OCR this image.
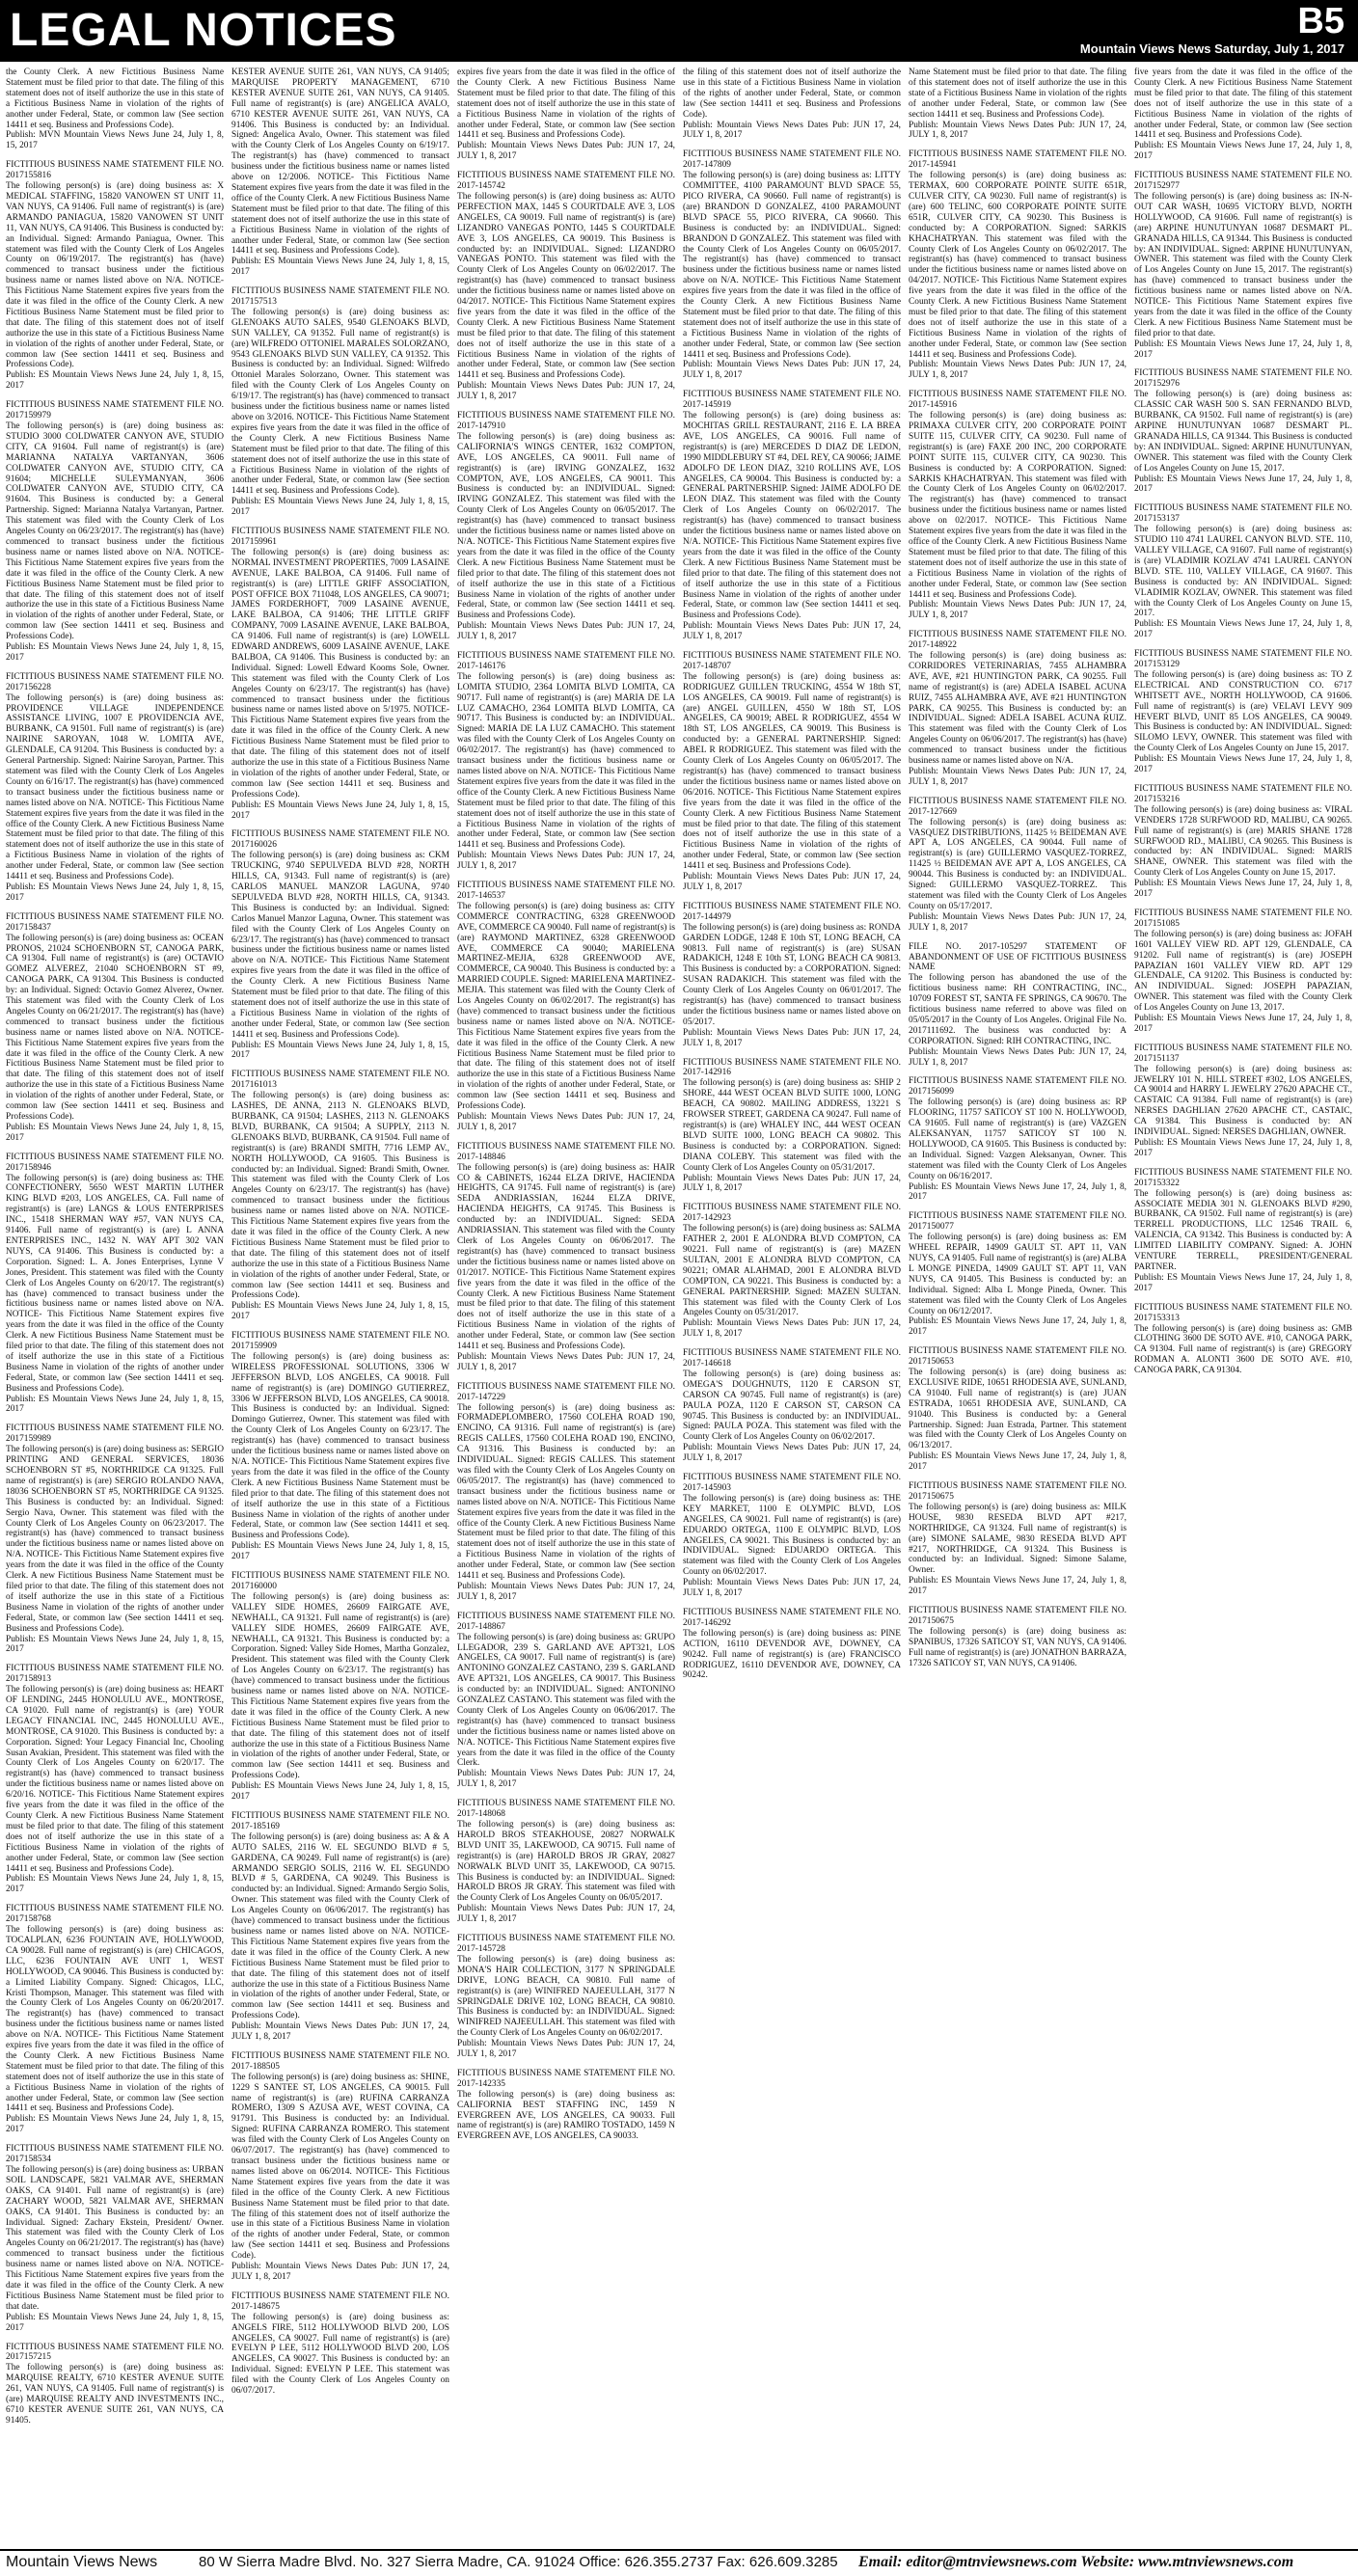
LEGAL NOTICES	B5
Mountain Views News Saturday, July 1, 2017

the County Clerk. A new Fictitious Business Name Statement must be filed prior to that date. The filing of this statement does not of itself authorize the use in this state of a Fictitious Business Name in violation of the rights of another under Federal, State, or common law (See section 14411 et seq. Business and Professions Code).

Publish: MVN Mountain Views News June 24, July 1, 8, 15, 2017

FICTITIOUS BUSINESS NAME STATEMENT FILE NO. 2017155816

The following person(s) is (are) doing business as: X MEDICAL STAFFING, 15820 VANOWEN ST UNIT 11, VAN NUYS, CA 91406. Full name of registrant(s) is (are) ARMANDO PANIAGUA, 15820 VANOWEN ST UNIT 11, VAN NUYS, CA 91406. This Business is conducted by: an Individual. Signed: Armando Paniagua, Owner. This statement was filed with the County Clerk of Los Angeles County on 06/19/2017. The registrant(s) has (have) commenced to transact business under the fictitious business name or names listed above on N/A. NOTICE- This Fictitious Name Statement expires five years from the date it was filed in the office of the County Clerk. A new Fictitious Business Name Statement must be filed prior to that date. The filing of this statement does not of itself authorize the use in this state of a Fictitious Business Name in violation of the rights of another under Federal, State, or common law (See section 14411 et seq. Business and Professions Code).

Publish: ES Mountain Views News June 24, July 1, 8, 15, 2017

FICTITIOUS BUSINESS NAME STATEMENT FILE NO. 2017159979

The following person(s) is (are) doing business as: STUDIO 3000 COLDWATER CANYON AVE, STUDIO CITY, CA 91604. Full name of registrant(s) is (are) MARIANNA NATALYA VARTANYAN, 3606 COLDWATER CANYON AVE, STUDIO CITY, CA 91604; MICHELLE SULEYMANYAN, 3606 COLDWATER CANYON AVE, STUDIO CITY, CA 91604. This Business is conducted by: a General Partnership. Signed: Marianna Natalya Vartanyan, Partner. This statement was filed with the County Clerk of Los Angeles County on 06/23/2017. The registrant(s) has (have) commenced to transact business under the fictitious business name or names listed above on N/A. NOTICE- This Fictitious Name Statement expires five years from the date it was filed in the office of the County Clerk. A new Fictitious Business Name Statement must be filed prior to that date. The filing of this statement does not of itself authorize the use in this state of a Fictitious Business Name in violation of the rights of another under Federal, State, or common law (See section 14411 et seq. Business and Professions Code).

Publish: ES Mountain Views News June 24, July 1, 8, 15, 2017

FICTITIOUS BUSINESS NAME STATEMENT FILE NO. 2017156228

The following person(s) is (are) doing business as: PROVIDENCE VILLAGE INDEPENDENCE ASSISTANCE LIVING, 1007 E PROVIDENCIA AVE, BURBANK, CA 91501. Full name of registrant(s) is (are) NAIRINE SAROYAN, 1048 W. LOMITA AVE, GLENDALE, CA 91204. This Business is conducted by: a General Partnership. Signed: Nairine Saroyan, Partner. This statement was filed with the County Clerk of Los Angeles County on 6/16/17. The registrant(s) has (have) commenced to transact business under the fictitious business name or names listed above on N/A. NOTICE- This Fictitious Name Statement expires five years from the date it was filed in the office of the County Clerk. A new Fictitious Business Name Statement must be filed prior to that date. The filing of this statement does not of itself authorize the use in this state of a Fictitious Business Name in violation of the rights of another under Federal, State, or common law (See section 14411 et seq. Business and Professions Code).

Publish: ES Mountain Views News June 24, July 1, 8, 15, 2017

FICTITIOUS BUSINESS NAME STATEMENT FILE NO. 2017158437

The following person(s) is (are) doing business as: OCEAN PRONOS, 21024 SCHOENBORN ST, CANOGA PARK, CA 91304. Full name of registrant(s) is (are) OCTAVIO GOMEZ ALVEREZ, 21040 SCHOENBORN ST #9, CANOGA PARK, CA 91304. This Business is conducted by: an Individual. Signed: Octavio Gomez Alverez, Owner. This statement was filed with the County Clerk of Los Angeles County on 06/21/2017. The registrant(s) has (have) commenced to transact business under the fictitious business name or names listed above on N/A. NOTICE- This Fictitious Name Statement expires five years from the date it was filed in the office of the County Clerk. A new Fictitious Business Name Statement must be filed prior to that date. The filing of this statement does not of itself authorize the use in this state of a Fictitious Business Name in violation of the rights of another under Federal, State, or common law (See section 14411 et seq. Business and Professions Code).

Publish: ES Mountain Views News June 24, July 1, 8, 15, 2017

FICTITIOUS BUSINESS NAME STATEMENT FILE NO. 2017158946

The following person(s) is (are) doing business as: THE CONFECTIONERY, 5650 WEST MARTIN LUTHER KING BLVD #203, LOS ANGELES, CA. Full name of registrant(s) is (are) LANGS & LOUS ENTERPRISES INC., 15418 SHERMAN WAY #57, VAN NUYS CA, 91406. Full name of registrant(s) is (are) L ANNA ENTERPRISES INC., 1432 N. WAY APT 302 VAN NUYS, CA 91406. This Business is conducted by: a Corporation. Signed: L. A. Jones Enterprises, Lynne V Jones, President. This statement was filed with the County Clerk of Los Angeles County on 6/20/17. The registrant(s) has (have) commenced to transact business under the fictitious business name or names listed above on N/A. NOTICE- This Fictitious Name Statement expires five years from the date it was filed in the office of the County Clerk. A new Fictitious Business Name Statement must be filed prior to that date. The filing of this statement does not of itself authorize the use in this state of a Fictitious Business Name in violation of the rights of another under Federal, State, or common law (See section 14411 et seq. Business and Professions Code).

Publish: ES Mountain Views News June 24, July 1, 8, 15, 2017

FICTITIOUS BUSINESS NAME STATEMENT FILE NO. 2017159989

The following person(s) is (are) doing business as: SERGIO PRINTING AND GENERAL SERVICES, 18036 SCHOENBORN ST #5, NORTHRIDGE CA 91325. Full name of registrant(s) is (are) SERGIO ROLANDO NAVA, 18036 SCHOENBORN ST #5, NORTHRIDGE CA 91325. This Business is conducted by: an Individual. Signed: Sergio Nava, Owner. This statement was filed with the County Clerk of Los Angeles County on 06/23/2017. The registrant(s) has (have) commenced to transact business under the fictitious business name or names listed above on N/A. NOTICE- This Fictitious Name Statement expires five years from the date it was filed in the office of the County Clerk. A new Fictitious Business Name Statement must be filed prior to that date. The filing of this statement does not of itself authorize the use in this state of a Fictitious Business Name in violation of the rights of another under Federal, State, or common law (See section 14411 et seq. Business and Professions Code).

Publish: ES Mountain Views News June 24, July 1, 8, 15, 2017

FICTITIOUS BUSINESS NAME STATEMENT FILE NO. 2017158913

The following person(s) is (are) doing business as: HEART OF LENDING, 2445 HONOLULU AVE., MONTROSE, CA 91020. Full name of registrant(s) is (are) YOUR LEGACY FINANCIAL INC, 2445 HONOLULU AVE., MONTROSE, CA 91020. This Business is conducted by: a Corporation. Signed: Your Legacy Financial Inc, Chooling Susan Avakian, President. This statement was filed with the County Clerk of Los Angeles County on 6/20/17. The registrant(s) has (have) commenced to transact business under the fictitious business name or names listed above on 6/20/16. NOTICE- This Fictitious Name Statement expires five years from the date it was filed in the office of the County Clerk. A new Fictitious Business Name Statement must be filed prior to that date. The filing of this statement does not of itself authorize the use in this state of a Fictitious Business Name in violation of the rights of another under Federal, State, or common law (See section 14411 et seq. Business and Professions Code).

Publish: ES Mountain Views News June 24, July 1, 8, 15, 2017

FICTITIOUS BUSINESS NAME STATEMENT FILE NO. 2017158768

The following person(s) is (are) doing business as: TOCALPLAN, 6236 FOUNTAIN AVE, HOLLYWOOD, CA 90028. Full name of registrant(s) is (are) CHICAGOS, LLC, 6236 FOUNTAIN AVE UNIT 1, WEST HOLLYWOOD, CA 90046. This Business is conducted by: a Limited Liability Company. Signed: Chicagos, LLC, Kristi Thompson, Manager. This statement was filed with the County Clerk of Los Angeles County on 06/20/2017. The registrant(s) has (have) commenced to transact business under the fictitious business name or names listed above on N/A. NOTICE- This Fictitious Name Statement expires five years from the date it was filed in the office of the County Clerk. A new Fictitious Business Name Statement must be filed prior to that date. The filing of this statement does not of itself authorize the use in this state of a Fictitious Business Name in violation of the rights of another under Federal, State, or common law (See section 14411 et seq. Business and Professions Code).

Publish: ES Mountain Views News June 24, July 1, 8, 15, 2017

FICTITIOUS BUSINESS NAME STATEMENT FILE NO. 2017158534

The following person(s) is (are) doing business as: URBAN SOIL LANDSCAPE, 5821 VALMAR AVE, SHERMAN OAKS, CA 91401. Full name of registrant(s) is (are) ZACHARY WOOD, 5821 VALMAR AVE, SHERMAN OAKS, CA 91401. This Business is conducted by: an Individual. Signed: Zachary Ekstein, President/ Owner. This statement was filed with the County Clerk of Los Angeles County on 06/21/2017. The registrant(s) has (have) commenced to transact business under the fictitious business name or names listed above on N/A. NOTICE- This Fictitious Name Statement expires five years from the date it was filed in the office of the County Clerk. A new Fictitious Business Name Statement must be filed prior to that date.

Publish: ES Mountain Views News June 24, July 1, 8, 15, 2017

FICTITIOUS BUSINESS NAME STATEMENT FILE NO. 2017157215

The following person(s) is (are) doing business as: MARQUISE REALTY, 6710 KESTER AVENUE SUITE 261, VAN NUYS, CA 91405. Full name of registrant(s) is (are) MARQUISE REALTY AND INVESTMENTS INC., 6710 KESTER AVENUE SUITE 261, VAN NUYS, CA 91405.

KESTER AVENUE SUITE 261, VAN NUYS, CA 91405; MARQUISE PROPERTY MANAGEMENT, 6710 KESTER AVENUE SUITE 261, VAN NUYS, CA 91405. Full name of registrant(s) is (are) ANGELICA AVALO, 6710 KESTER AVENUE SUITE 261, VAN NUYS, CA 91406. This Business is conducted by: an Individual. Signed: Angelica Avalo, Owner. This statement was filed with the County Clerk of Los Angeles County on 6/19/17. The registrant(s) has (have) commenced to transact business under the fictitious business name or names listed above on 12/2006. NOTICE- This Fictitious Name Statement expires five years from the date it was filed in the office of the County Clerk. A new Fictitious Business Name Statement must be filed prior to that date. The filing of this statement does not of itself authorize the use in this state of a Fictitious Business Name in violation of the rights of another under Federal, State, or common law (See section 14411 et seq. Business and Professions Code).

Publish: ES Mountain Views News June 24, July 1, 8, 15, 2017

FICTITIOUS BUSINESS NAME STATEMENT FILE NO. 2017157513

The following person(s) is (are) doing business as: GLENOAKS AUTO SALES, 9540 GLENOAKS BLVD, SUN VALLEY, CA 91352. Full name of registrant(s) is (are) WILFREDO OTTONIEL MARALES SOLORZANO, 9543 GLENOAKS BLVD SUN VALLEY, CA 91352. This Business is conducted by: an Individual. Signed: Wilfredo Ottoniel Marales Solorzano, Owner. This statement was filed with the County Clerk of Los Angeles County on 6/19/17. The registrant(s) has (have) commenced to transact business under the fictitious business name or names listed above on 3/2016. NOTICE- This Fictitious Name Statement expires five years from the date it was filed in the office of the County Clerk. A new Fictitious Business Name Statement must be filed prior to that date. The filing of this statement does not of itself authorize the use in this state of a Fictitious Business Name in violation of the rights of another under Federal, State, or common law (See section 14411 et seq. Business and Professions Code).

Publish: ES Mountain Views News June 24, July 1, 8, 15, 2017

FICTITIOUS BUSINESS NAME STATEMENT FILE NO. 2017159961

The following person(s) is (are) doing business as: NORMAL INVESTMENT PROPERTIES, 7009 LASAINE AVENUE, LAKE BALBOA, CA 91406. Full name of registrant(s) is (are) LITTLE GRIFF ASSOCIATION, POST OFFICE BOX 711048, LOS ANGELES, CA 90071; JAMES FORDERHOFT, 7009 LASAINE AVENUE, LAKE BALBOA, CA 91406; THE LITTLE GRIFF COMPANY, 7009 LASAINE AVENUE, LAKE BALBOA, CA 91406. Full name of registrant(s) is (are) LOWELL EDWARD ANDREWS, 6009 LASAINE AVENUE, LAKE BALBOA, CA 91406. This Business is conducted by: an Individual. Signed: Lowell Edward Kooms Sole, Owner. This statement was filed with the County Clerk of Los Angeles County on 6/23/17. The registrant(s) has (have) commenced to transact business under the fictitious business name or names listed above on 5/1975. NOTICE- This Fictitious Name Statement expires five years from the date it was filed in the office of the County Clerk. A new Fictitious Business Name Statement must be filed prior to that date. The filing of this statement does not of itself authorize the use in this state of a Fictitious Business Name in violation of the rights of another under Federal, State, or common law (See section 14411 et seq. Business and Professions Code).

Publish: ES Mountain Views News June 24, July 1, 8, 15, 2017

FICTITIOUS BUSINESS NAME STATEMENT FILE NO. 2017160026

The following person(s) is (are) doing business as: CKM TRUCKING, 9740 SEPULVEDA BLVD #28, NORTH HILLS, CA, 91343. Full name of registrant(s) is (are) CARLOS MANUEL MANZOR LAGUNA, 9740 SEPULVEDA BLVD #28, NORTH HILLS, CA, 91343. This Business is conducted by: an Individual. Signed: Carlos Manuel Manzor Laguna, Owner. This statement was filed with the County Clerk of Los Angeles County on 6/23/17. The registrant(s) has (have) commenced to transact business under the fictitious business name or names listed above on N/A. NOTICE- This Fictitious Name Statement expires five years from the date it was filed in the office of the County Clerk. A new Fictitious Business Name Statement must be filed prior to that date. The filing of this statement does not of itself authorize the use in this state of a Fictitious Business Name in violation of the rights of another under Federal, State, or common law (See section 14411 et seq. Business and Professions Code).

Publish: ES Mountain Views News June 24, July 1, 8, 15, 2017

FICTITIOUS BUSINESS NAME STATEMENT FILE NO. 2017161013

The following person(s) is (are) doing business as: LASHES, DE ANNA, 2113 N. GLENOAKS BLVD, BURBANK, CA 91504; LASHES, 2113 N. GLENOAKS BLVD, BURBANK, CA 91504; A SUPPLY, 2113 N. GLENOAKS BLVD, BURBANK, CA 91504. Full name of registrant(s) is (are) BRANDI SMITH, 7716 LEMP AV., NORTH HOLLYWOOD, CA 91605. This Business is conducted by: an Individual. Signed: Brandi Smith, Owner. This statement was filed with the County Clerk of Los Angeles County on 6/23/17. The registrant(s) has (have) commenced to transact business under the fictitious business name or names listed above on N/A. NOTICE- This Fictitious Name Statement expires five years from the date it was filed in the office of the County Clerk. A new Fictitious Business Name Statement must be filed prior to that date. The filing of this statement does not of itself authorize the use in this state of a Fictitious Business Name in violation of the rights of another under Federal, State, or common law (See section 14411 et seq. Business and Professions Code).

Publish: ES Mountain Views News June 24, July 1, 8, 15, 2017

FICTITIOUS BUSINESS NAME STATEMENT FILE NO. 2017159909

The following person(s) is (are) doing business as: WIRELESS PROFESSIONAL SOLUTIONS, 3306 W JEFFERSON BLVD, LOS ANGELES, CA 90018. Full name of registrant(s) is (are) DOMINGO GUTIERREZ, 3306 W JEFFERSON BLVD, LOS ANGELES, CA 90018. This Business is conducted by: an Individual. Signed: Domingo Gutierrez, Owner. This statement was filed with the County Clerk of Los Angeles County on 6/23/17. The registrant(s) has (have) commenced to transact business under the fictitious business name or names listed above on N/A. NOTICE- This Fictitious Name Statement expires five years from the date it was filed in the office of the County Clerk. A new Fictitious Business Name Statement must be filed prior to that date. The filing of this statement does not of itself authorize the use in this state of a Fictitious Business Name in violation of the rights of another under Federal, State, or common law (See section 14411 et seq. Business and Professions Code).

Publish: ES Mountain Views News June 24, July 1, 8, 15, 2017

FICTITIOUS BUSINESS NAME STATEMENT FILE NO. 2017160000

The following person(s) is (are) doing business as: VALLEY SIDE HOMES, 26609 FAIRGATE AVE, NEWHALL, CA 91321. Full name of registrant(s) is (are) VALLEY SIDE HOMES, 26609 FAIRGATE AVE, NEWHALL, CA 91321. This Business is conducted by: a Corporation. Signed: Valley Side Homes, Martha Gonzalez, President. This statement was filed with the County Clerk of Los Angeles County on 6/23/17. The registrant(s) has (have) commenced to transact business under the fictitious business name or names listed above on N/A. NOTICE- This Fictitious Name Statement expires five years from the date it was filed in the office of the County Clerk. A new Fictitious Business Name Statement must be filed prior to that date. The filing of this statement does not of itself authorize the use in this state of a Fictitious Business Name in violation of the rights of another under Federal, State, or common law (See section 14411 et seq. Business and Professions Code).

Publish: ES Mountain Views News June 24, July 1, 8, 15, 2017

FICTITIOUS BUSINESS NAME STATEMENT FILE NO. 2017-185169

The following person(s) is (are) doing business as: A & A AUTO SALES, 2116 W. EL SEGUNDO BLVD # 5, GARDENA, CA 90249. Full name of registrant(s) is (are) ARMANDO SERGIO SOLIS, 2116 W. EL SEGUNDO BLVD # 5, GARDENA, CA 90249. This Business is conducted by: an Individual. Signed: Armando Sergio Solis, Owner. This statement was filed with the County Clerk of Los Angeles County on 06/06/2017. The registrant(s) has (have) commenced to transact business under the fictitious business name or names listed above on N/A. NOTICE- This Fictitious Name Statement expires five years from the date it was filed in the office of the County Clerk. A new Fictitious Business Name Statement must be filed prior to that date. The filing of this statement does not of itself authorize the use in this state of a Fictitious Business Name in violation of the rights of another under Federal, State, or common law (See section 14411 et seq. Business and Professions Code).

Publish: Mountain Views News Dates Pub: JUN 17, 24, JULY 1, 8, 2017

FICTITIOUS BUSINESS NAME STATEMENT FILE NO. 2017-188505

The following person(s) is (are) doing business as: SHINE, 1229 S SANTEE ST, LOS ANGELES, CA 90015. Full name of registrant(s) is (are) RUFINA CARRANZA ROMERO, 1309 S AZUSA AVE, WEST COVINA, CA 91791. This Business is conducted by: an Individual. Signed: RUFINA CARRANZA ROMERO. This statement was filed with the County Clerk of Los Angeles County on 06/07/2017. The registrant(s) has (have) commenced to transact business under the fictitious business name or names listed above on 06/2014. NOTICE- This Fictitious Name Statement expires five years from the date it was filed in the office of the County Clerk. A new Fictitious Business Name Statement must be filed prior to that date. The filing of this statement does not of itself authorize the use in this state of a Fictitious Business Name in violation of the rights of another under Federal, State, or common law (See section 14411 et seq. Business and Professions Code).

Publish: Mountain Views News Dates Pub: JUN 17, 24, JULY 1, 8, 2017

FICTITIOUS BUSINESS NAME STATEMENT FILE NO. 2017-148675

The following person(s) is (are) doing business as: ANGELS FIRE, 5112 HOLLYWOOD BLVD 200, LOS ANGELES, CA 90027. Full name of registrant(s) is (are) EVELYN P LEE, 5112 HOLLYWOOD BLVD 200, LOS ANGELES, CA 90027. This Business is conducted by: an Individual. Signed: EVELYN P LEE. This statement was filed with the County Clerk of Los Angeles County on 06/07/2017.

expires five years from the date it was filed in the office of the County Clerk. A new Fictitious Business Name Statement must be filed prior to that date. The filing of this statement does not of itself authorize the use in this state of a Fictitious Business Name in violation of the rights of another under Federal, State, or common law (See section 14411 et seq. Business and Professions Code).

Publish: Mountain Views News Dates Pub: JUN 17, 24, JULY 1, 8, 2017

FICTITIOUS BUSINESS NAME STATEMENT FILE NO. 2017-145742

The following person(s) is (are) doing business as: AUTO PERFECTION MAX, 1445 S COURTDALE AVE 3, LOS ANGELES, CA 90019. Full name of registrant(s) is (are) LIZANDRO VANEGAS PONTO, 1445 S COURTDALE AVE 3, LOS ANGELES, CA 90019. This Business is conducted by: an INDIVIDUAL. Signed: LIZANDRO VANEGAS PONTO. This statement was filed with the County Clerk of Los Angeles County on 06/02/2017. The registrant(s) has (have) commenced to transact business under the fictitious business name or names listed above on 04/2017. NOTICE- This Fictitious Name Statement expires five years from the date it was filed in the office of the County Clerk. A new Fictitious Business Name Statement must be filed prior to that date. The filing of this statement does not of itself authorize the use in this state of a Fictitious Business Name in violation of the rights of another under Federal, State, or common law (See section 14411 et seq. Business and Professions Code).

Publish: Mountain Views News Dates Pub: JUN 17, 24, JULY 1, 8, 2017

FICTITIOUS BUSINESS NAME STATEMENT FILE NO. 2017-147910

The following person(s) is (are) doing business as: CALIFORNIA'S WINGS CENTER, 1632 COMPTON, AVE, LOS ANGELES, CA 90011. Full name of registrant(s) is (are) IRVING GONZALEZ, 1632 COMPTON, AVE, LOS ANGELES, CA 90011. This Business is conducted by: an INDIVIDUAL. Signed: IRVING GONZALEZ. This statement was filed with the County Clerk of Los Angeles County on 06/05/2017. The registrant(s) has (have) commenced to transact business under the fictitious business name or names listed above on N/A. NOTICE- This Fictitious Name Statement expires five years from the date it was filed in the office of the County Clerk. A new Fictitious Business Name Statement must be filed prior to that date. The filing of this statement does not of itself authorize the use in this state of a Fictitious Business Name in violation of the rights of another under Federal, State, or common law (See section 14411 et seq. Business and Professions Code).

Publish: Mountain Views News Dates Pub: JUN 17, 24, JULY 1, 8, 2017

FICTITIOUS BUSINESS NAME STATEMENT FILE NO. 2017-146176

The following person(s) is (are) doing business as: LOMITA STUDIO, 2364 LOMITA BLVD LOMITA, CA 90717. Full name of registrant(s) is (are) MARIA DE LA LUZ CAMACHO, 2364 LOMITA BLVD LOMITA, CA 90717. This Business is conducted by: an INDIVIDUAL. Signed: MARIA DE LA LUZ CAMACHO. This statement was filed with the County Clerk of Los Angeles County on 06/02/2017. The registrant(s) has (have) commenced to transact business under the fictitious business name or names listed above on N/A. NOTICE- This Fictitious Name Statement expires five years from the date it was filed in the office of the County Clerk. A new Fictitious Business Name Statement must be filed prior to that date. The filing of this statement does not of itself authorize the use in this state of a Fictitious Business Name in violation of the rights of another under Federal, State, or common law (See section 14411 et seq. Business and Professions Code).

Publish: Mountain Views News Dates Pub: JUN 17, 24, JULY 1, 8, 2017

FICTITIOUS BUSINESS NAME STATEMENT FILE NO. 2017-146537

The following person(s) is (are) doing business as: CITY COMMERCE CONTRACTING, 6328 GREENWOOD AVE, COMMERCE CA 90040. Full name of registrant(s) is (are) RAYMOND MARTINEZ, 6328 GREENWOOD AVE, COMMERCE CA 90040; MARIELENA MARTINEZ-MEJIA, 6328 GREENWOOD AVE, COMMERCE, CA 90040. This Business is conducted by: a MARRIED COUPLE. Signed: MARIELENA MARTINEZ-MEJIA. This statement was filed with the County Clerk of Los Angeles County on 06/02/2017. The registrant(s) has (have) commenced to transact business under the fictitious business name or names listed above on N/A. NOTICE- This Fictitious Name Statement expires five years from the date it was filed in the office of the County Clerk. A new Fictitious Business Name Statement must be filed prior to that date. The filing of this statement does not of itself authorize the use in this state of a Fictitious Business Name in violation of the rights of another under Federal, State, or common law (See section 14411 et seq. Business and Professions Code).

Publish: Mountain Views News Dates Pub: JUN 17, 24, JULY 1, 8, 2017

FICTITIOUS BUSINESS NAME STATEMENT FILE NO. 2017-148846

The following person(s) is (are) doing business as: HAIR CO & CABINETS, 16244 ELZA DRIVE, HACIENDA HEIGHTS, CA 91745. Full name of registrant(s) is (are) SEDA ANDRIASSIAN, 16244 ELZA DRIVE, HACIENDA HEIGHTS, CA 91745. This Business is conducted by: an INDIVIDUAL. Signed: SEDA ANDRIASSIAN. This statement was filed with the County Clerk of Los Angeles County on 06/06/2017. The registrant(s) has (have) commenced to transact business under the fictitious business name or names listed above on 01/2017. NOTICE- This Fictitious Name Statement expires five years from the date it was filed in the office of the County Clerk. A new Fictitious Business Name Statement must be filed prior to that date. The filing of this statement does not of itself authorize the use in this state of a Fictitious Business Name in violation of the rights of another under Federal, State, or common law (See section 14411 et seq. Business and Professions Code).

Publish: Mountain Views News Dates Pub: JUN 17, 24, JULY 1, 8, 2017

FICTITIOUS BUSINESS NAME STATEMENT FILE NO. 2017-147229

The following person(s) is (are) doing business as: FORMADEPLOMBERO, 17560 COLEHA ROAD 190, ENCINO, CA 91316. Full name of registrant(s) is (are) REGIS CALLES, 17560 COLEHA ROAD 190, ENCINO, CA 91316. This Business is conducted by: an INDIVIDUAL. Signed: REGIS CALLES. This statement was filed with the County Clerk of Los Angeles County on 06/05/2017. The registrant(s) has (have) commenced to transact business under the fictitious business name or names listed above on N/A. NOTICE- This Fictitious Name Statement expires five years from the date it was filed in the office of the County Clerk. A new Fictitious Business Name Statement must be filed prior to that date. The filing of this statement does not of itself authorize the use in this state of a Fictitious Business Name in violation of the rights of another under Federal, State, or common law (See section 14411 et seq. Business and Professions Code).

Publish: Mountain Views News Dates Pub: JUN 17, 24, JULY 1, 8, 2017

FICTITIOUS BUSINESS NAME STATEMENT FILE NO. 2017-148867

The following person(s) is (are) doing business as: GRUPO LLEGADOR, 239 S. GARLAND AVE APT321, LOS ANGELES, CA 90017. Full name of registrant(s) is (are) ANTONINO GONZALEZ CASTANO, 239 S. GARLAND AVE APT321, LOS ANGELES, CA 90017. This Business is conducted by: an INDIVIDUAL. Signed: ANTONINO GONZALEZ CASTANO. This statement was filed with the County Clerk of Los Angeles County on 06/06/2017. The registrant(s) has (have) commenced to transact business under the fictitious business name or names listed above on N/A. NOTICE- This Fictitious Name Statement expires five years from the date it was filed in the office of the County Clerk.

Publish: Mountain Views News Dates Pub: JUN 17, 24, JULY 1, 8, 2017

FICTITIOUS BUSINESS NAME STATEMENT FILE NO. 2017-148068

The following person(s) is (are) doing business as: HAROLD BROS STEAKHOUSE, 20827 NORWALK BLVD UNIT 35, LAKEWOOD, CA 90715. Full name of registrant(s) is (are) HAROLD BROS JR GRAY, 20827 NORWALK BLVD UNIT 35, LAKEWOOD, CA 90715. This Business is conducted by: an INDIVIDUAL. Signed: HAROLD BROS JR GRAY. This statement was filed with the County Clerk of Los Angeles County on 06/05/2017.

Publish: Mountain Views News Dates Pub: JUN 17, 24, JULY 1, 8, 2017

FICTITIOUS BUSINESS NAME STATEMENT FILE NO. 2017-145728

The following person(s) is (are) doing business as: MONA'S HAIR COLLECTION, 3177 N SPRINGDALE DRIVE, LONG BEACH, CA 90810. Full name of registrant(s) is (are) WINIFRED NAJEEULLAH, 3177 N SPRINGDALE DRIVE 102, LONG BEACH, CA 90810. This Business is conducted by: an INDIVIDUAL. Signed: WINIFRED NAJEEULLAH. This statement was filed with the County Clerk of Los Angeles County on 06/02/2017.

Publish: Mountain Views News Dates Pub: JUN 17, 24, JULY 1, 8, 2017

FICTITIOUS BUSINESS NAME STATEMENT FILE NO. 2017-142335

The following person(s) is (are) doing business as: CALIFORNIA BEST STAFFING INC, 1459 N EVERGREEN AVE, LOS ANGELES, CA 90033. Full name of registrant(s) is (are) RAMIRO TOSTADO, 1459 N EVERGREEN AVE, LOS ANGELES, CA 90033.

the filing of this statement does not of itself authorize the use in this state of a Fictitious Business Name in violation of the rights of another under Federal, State, or common law (See section 14411 et seq. Business and Professions Code).

Publish: Mountain Views News Dates Pub: JUN 17, 24, JULY 1, 8, 2017

FICTITIOUS BUSINESS NAME STATEMENT FILE NO. 2017-147809

The following person(s) is (are) doing business as: LITTY COMMITTEE, 4100 PARAMOUNT BLVD SPACE 55, PICO RIVERA, CA 90660. Full name of registrant(s) is (are) BRANDON D GONZALEZ, 4100 PARAMOUNT BLVD SPACE 55, PICO RIVERA, CA 90660. This Business is conducted by: an INDIVIDUAL. Signed: BRANDON D GONZALEZ. This statement was filed with the County Clerk of Los Angeles County on 06/05/2017. The registrant(s) has (have) commenced to transact business under the fictitious business name or names listed above on N/A. NOTICE- This Fictitious Name Statement expires five years from the date it was filed in the office of the County Clerk. A new Fictitious Business Name Statement must be filed prior to that date. The filing of this statement does not of itself authorize the use in this state of a Fictitious Business Name in violation of the rights of another under Federal, State, or common law (See section 14411 et seq. Business and Professions Code).

Publish: Mountain Views News Dates Pub: JUN 17, 24, JULY 1, 8, 2017

FICTITIOUS BUSINESS NAME STATEMENT FILE NO. 2017-145919

The following person(s) is (are) doing business as: MOCHITAS GRILL RESTAURANT, 2116 E. LA BREA AVE, LOS ANGELES, CA 90016. Full name of registrant(s) is (are) MERCEDES D DIAZ DE LEDON, 1990 MIDDLEBURY ST #4, DEL REY, CA 90066; JAIME ADOLFO DE LEON DIAZ, 3210 ROLLINS AVE, LOS ANGELES, CA 90004. This Business is conducted by: a GENERAL PARTNERSHIP. Signed: JAIME ADOLFO DE LEON DIAZ. This statement was filed with the County Clerk of Los Angeles County on 06/02/2017. The registrant(s) has (have) commenced to transact business under the fictitious business name or names listed above on N/A. NOTICE- This Fictitious Name Statement expires five years from the date it was filed in the office of the County Clerk. A new Fictitious Business Name Statement must be filed prior to that date. The filing of this statement does not of itself authorize the use in this state of a Fictitious Business Name in violation of the rights of another under Federal, State, or common law (See section 14411 et seq. Business and Professions Code).

Publish: Mountain Views News Dates Pub: JUN 17, 24, JULY 1, 8, 2017

FICTITIOUS BUSINESS NAME STATEMENT FILE NO. 2017-148707

The following person(s) is (are) doing business as: RODRIGUEZ GUILLEN TRUCKING, 4554 W 18th ST, LOS ANGELES, CA 90019. Full name of registrant(s) is (are) ANGEL GUILLEN, 4550 W 18th ST, LOS ANGELES, CA 90019; ABEL R RODRIGUEZ, 4554 W 18th ST, LOS ANGELES, CA 90019. This Business is conducted by: a GENERAL PARTNERSHIP. Signed: ABEL R RODRIGUEZ. This statement was filed with the County Clerk of Los Angeles County on 06/05/2017. The registrant(s) has (have) commenced to transact business under the fictitious business name or names listed above on 06/2016. NOTICE- This Fictitious Name Statement expires five years from the date it was filed in the office of the County Clerk. A new Fictitious Business Name Statement must be filed prior to that date. The filing of this statement does not of itself authorize the use in this state of a Fictitious Business Name in violation of the rights of another under Federal, State, or common law (See section 14411 et seq. Business and Professions Code).

Publish: Mountain Views News Dates Pub: JUN 17, 24, JULY 1, 8, 2017

FICTITIOUS BUSINESS NAME STATEMENT FILE NO. 2017-144979

The following person(s) is (are) doing business as: RONDA GARDEN LODGE, 1248 E 10th ST, LONG BEACH, CA 90813. Full name of registrant(s) is (are) SUSAN RADAKICH, 1248 E 10th ST, LONG BEACH CA 90813. This Business is conducted by: a CORPORATION. Signed: SUSAN RADAKICH. This statement was filed with the County Clerk of Los Angeles County on 06/01/2017. The registrant(s) has (have) commenced to transact business under the fictitious business name or names listed above on 05/2017.

Publish: Mountain Views News Dates Pub: JUN 17, 24, JULY 1, 8, 2017

FICTITIOUS BUSINESS NAME STATEMENT FILE NO. 2017-142916

The following person(s) is (are) doing business as: SHIP 2 SHORE, 444 WEST OCEAN BLVD SUITE 1000, LONG BEACH, CA 90802. MAILING ADDRESS, 13221 S FROWSER STREET, GARDENA CA 90247. Full name of registrant(s) is (are) WHALEY INC, 444 WEST OCEAN BLVD SUITE 1000, LONG BEACH CA 90802. This Business is conducted by: a CORPORATION. Signed: DIANA COLEBY. This statement was filed with the County Clerk of Los Angeles County on 05/31/2017.

Publish: Mountain Views News Dates Pub: JUN 17, 24, JULY 1, 8, 2017

FICTITIOUS BUSINESS NAME STATEMENT FILE NO. 2017-142923

The following person(s) is (are) doing business as: SALMA FATHER 2, 2001 E ALONDRA BLVD COMPTON, CA 90221. Full name of registrant(s) is (are) MAZEN SULTAN, 2001 E ALONDRA BLVD COMPTON, CA 90221; OMAR ALAHMAD, 2001 E ALONDRA BLVD COMPTON, CA 90221. This Business is conducted by: a GENERAL PARTNERSHIP. Signed: MAZEN SULTAN. This statement was filed with the County Clerk of Los Angeles County on 05/31/2017.

Publish: Mountain Views News Dates Pub: JUN 17, 24, JULY 1, 8, 2017

FICTITIOUS BUSINESS NAME STATEMENT FILE NO. 2017-146618

The following person(s) is (are) doing business as: OMEGA'S DOUGHNUTS, 1120 E CARSON ST, CARSON CA 90745. Full name of registrant(s) is (are) PAULA POZA, 1120 E CARSON ST, CARSON CA 90745. This Business is conducted by: an INDIVIDUAL. Signed: PAULA POZA. This statement was filed with the County Clerk of Los Angeles County on 06/02/2017.

Publish: Mountain Views News Dates Pub: JUN 17, 24, JULY 1, 8, 2017

FICTITIOUS BUSINESS NAME STATEMENT FILE NO. 2017-145903

The following person(s) is (are) doing business as: THE KEY MARKET, 1100 E OLYMPIC BLVD, LOS ANGELES, CA 90021. Full name of registrant(s) is (are) EDUARDO ORTEGA, 1100 E OLYMPIC BLVD, LOS ANGELES, CA 90021. This Business is conducted by: an INDIVIDUAL. Signed: EDUARDO ORTEGA. This statement was filed with the County Clerk of Los Angeles County on 06/02/2017.

Publish: Mountain Views News Dates Pub: JUN 17, 24, JULY 1, 8, 2017

FICTITIOUS BUSINESS NAME STATEMENT FILE NO. 2017-146292

The following person(s) is (are) doing business as: PINE ACTION, 16110 DEVENDOR AVE, DOWNEY, CA 90242. Full name of registrant(s) is (are) FRANCISCO RODRIGUEZ, 16110 DEVENDOR AVE, DOWNEY, CA 90242.

Name Statement must be filed prior to that date. The filing of this statement does not of itself authorize the use in this state of a Fictitious Business Name in violation of the rights of another under Federal, State, or common law (See section 14411 et seq. Business and Professions Code).

Publish: Mountain Views News Dates Pub: JUN 17, 24, JULY 1, 8, 2017

FICTITIOUS BUSINESS NAME STATEMENT FILE NO. 2017-145941

The following person(s) is (are) doing business as: TERMAX, 600 CORPORATE POINTE SUITE 651R, CULVER CITY, CA 90230. Full name of registrant(s) is (are) 600 TELINC, 600 CORPORATE POINTE SUITE 651R, CULVER CITY, CA 90230. This Business is conducted by: A CORPORATION. Signed: SARKIS KHACHATRYAN. This statement was filed with the County Clerk of Los Angeles County on 06/02/2017. The registrant(s) has (have) commenced to transact business under the fictitious business name or names listed above on 04/2017. NOTICE- This Fictitious Name Statement expires five years from the date it was filed in the office of the County Clerk. A new Fictitious Business Name Statement must be filed prior to that date. The filing of this statement does not of itself authorize the use in this state of a Fictitious Business Name in violation of the rights of another under Federal, State, or common law (See section 14411 et seq. Business and Professions Code).

Publish: Mountain Views News Dates Pub: JUN 17, 24, JULY 1, 8, 2017

FICTITIOUS BUSINESS NAME STATEMENT FILE NO. 2017-145916

The following person(s) is (are) doing business as: PRIMAXA CULVER CITY, 200 CORPORATE POINT SUITE 115, CULVER CITY, CA 90230. Full name of registrant(s) is (are) FAXE 200 INC, 200 CORPORATE POINT SUITE 115, CULVER CITY, CA 90230. This Business is conducted by: A CORPORATION. Signed: SARKIS KHACHATRYAN. This statement was filed with the County Clerk of Los Angeles County on 06/02/2017. The registrant(s) has (have) commenced to transact business under the fictitious business name or names listed above on 02/2017. NOTICE- This Fictitious Name Statement expires five years from the date it was filed in the office of the County Clerk. A new Fictitious Business Name Statement must be filed prior to that date. The filing of this statement does not of itself authorize the use in this state of a Fictitious Business Name in violation of the rights of another under Federal, State, or common law (See section 14411 et seq. Business and Professions Code).

Publish: Mountain Views News Dates Pub: JUN 17, 24, JULY 1, 8, 2017

FICTITIOUS BUSINESS NAME STATEMENT FILE NO. 2017-148922

The following person(s) is (are) doing business as: CORRIDORES VETERINARIAS, 7455 ALHAMBRA AVE, AVE, #21 HUNTINGTON PARK, CA 90255. Full name of registrant(s) is (are) ADELA ISABEL ACUNA RUIZ, 7455 ALHAMBRA AVE, AVE #21 HUNTINGTON PARK, CA 90255. This Business is conducted by: an INDIVIDUAL. Signed: ADELA ISABEL ACUNA RUIZ. This statement was filed with the County Clerk of Los Angeles County on 06/06/2017. The registrant(s) has (have) commenced to transact business under the fictitious business name or names listed above on N/A.

Publish: Mountain Views News Dates Pub: JUN 17, 24, JULY 1, 8, 2017

FICTITIOUS BUSINESS NAME STATEMENT FILE NO. 2017-127669

The following person(s) is (are) doing business as: VASQUEZ DISTRIBUTIONS, 11425 ½ BEIDEMAN AVE APT A, LOS ANGELES, CA 90044. Full name of registrant(s) is (are) GUILLERMO VASQUEZ-TORREZ, 11425 ½ BEIDEMAN AVE APT A, LOS ANGELES, CA 90044. This Business is conducted by: an INDIVIDUAL. Signed: GUILLERMO VASQUEZ-TORREZ. This statement was filed with the County Clerk of Los Angeles County on 05/17/2017.

Publish: Mountain Views News Dates Pub: JUN 17, 24, JULY 1, 8, 2017

FILE NO. 2017-105297 STATEMENT OF ABANDONMENT OF USE OF FICTITIOUS BUSINESS NAME

The following person has abandoned the use of the fictitious business name: RH CONTRACTING, INC., 10709 FOREST ST, SANTA FE SPRINGS, CA 90670. The fictitious business name referred to above was filed on 05/05/2017 in the County of Los Angeles. Original File No. 2017111692. The business was conducted by: A CORPORATION. Signed: RIH CONTRACTING, INC.

Publish: Mountain Views News Dates Pub: JUN 17, 24, JULY 1, 8, 2017

FICTITIOUS BUSINESS NAME STATEMENT FILE NO. 2017156099

The following person(s) is (are) doing business as: RP FLOORING, 11757 SATICOY ST 100 N. HOLLYWOOD, CA 91605. Full name of registrant(s) is (are) VAZGEN ALEKSANYAN, 11757 SATICOY ST 100 N. HOLLYWOOD, CA 91605. This Business is conducted by: an Individual. Signed: Vazgen Aleksanyan, Owner. This statement was filed with the County Clerk of Los Angeles County on 06/16/2017.

Publish: ES Mountain Views News June 17, 24, July 1, 8, 2017

FICTITIOUS BUSINESS NAME STATEMENT FILE NO. 2017150077

The following person(s) is (are) doing business as: EM WHEEL REPAIR, 14909 GAULT ST. APT 11, VAN NUYS, CA 91405. Full name of registrant(s) is (are) ALBA L MONGE PINEDA, 14909 GAULT ST. APT 11, VAN NUYS, CA 91405. This Business is conducted by: an Individual. Signed: Alba L Monge Pineda, Owner. This statement was filed with the County Clerk of Los Angeles County on 06/12/2017.

Publish: ES Mountain Views News June 17, 24, July 1, 8, 2017

FICTITIOUS BUSINESS NAME STATEMENT FILE NO. 2017150653

The following person(s) is (are) doing business as: EXCLUSIVE RIDE, 10651 RHODESIA AVE, SUNLAND, CA 91040. Full name of registrant(s) is (are) JUAN ESTRADA, 10651 RHODESIA AVE, SUNLAND, CA 91040. This Business is conducted by: a General Partnership. Signed: Juan Estrada, Partner. This statement was filed with the County Clerk of Los Angeles County on 06/13/2017.

Publish: ES Mountain Views News June 17, 24, July 1, 8, 2017

FICTITIOUS BUSINESS NAME STATEMENT FILE NO. 2017150675

The following person(s) is (are) doing business as: MILK HOUSE, 9830 RESEDA BLVD APT #217, NORTHRIDGE, CA 91324. Full name of registrant(s) is (are) SIMONE SALAME, 9830 RESEDA BLVD APT #217, NORTHRIDGE, CA 91324. This Business is conducted by: an Individual. Signed: Simone Salame, Owner.

Publish: ES Mountain Views News June 17, 24, July 1, 8, 2017

FICTITIOUS BUSINESS NAME STATEMENT FILE NO. 2017150675

The following person(s) is (are) doing business as: SPANIBUS, 17326 SATICOY ST, VAN NUYS, CA 91406. Full name of registrant(s) is (are) JONATHON BARRAZA, 17326 SATICOY ST, VAN NUYS, CA 91406.

five years from the date it was filed in the office of the County Clerk. A new Fictitious Business Name Statement must be filed prior to that date. The filing of this statement does not of itself authorize the use in this state of a Fictitious Business Name in violation of the rights of another under Federal, State, or common law (See section 14411 et seq. Business and Professions Code).

Publish: ES Mountain Views News June 17, 24, July 1, 8, 2017

FICTITIOUS BUSINESS NAME STATEMENT FILE NO. 2017152977

The following person(s) is (are) doing business as: IN-N-OUT CAR WASH, 10695 VICTORY BLVD, NORTH HOLLYWOOD, CA 91606. Full name of registrant(s) is (are) ARPINE HUNUTUNYAN 10687 DESMART PL. GRANADA HILLS, CA 91344. This Business is conducted by: AN INDIVIDUAL. Signed: ARPINE HUNUTUNYAN, OWNER. This statement was filed with the County Clerk of Los Angeles County on June 15, 2017. The registrant(s) has (have) commenced to transact business under the fictitious business name or names listed above on N/A. NOTICE- This Fictitious Name Statement expires five years from the date it was filed in the office of the County Clerk. A new Fictitious Business Name Statement must be filed prior to that date.

Publish: ES Mountain Views News June 17, 24, July 1, 8, 2017

FICTITIOUS BUSINESS NAME STATEMENT FILE NO. 2017152976

The following person(s) is (are) doing business as: CLASSIC CAR WASH 500 S. SAN FERNANDO BLVD, BURBANK, CA 91502. Full name of registrant(s) is (are) ARPINE HUNUTUNYAN 10687 DESMART PL. GRANADA HILLS, CA 91344. This Business is conducted by: AN INDIVIDUAL. Signed: ARPINE HUNUTUNYAN, OWNER. This statement was filed with the County Clerk of Los Angeles County on June 15, 2017.

Publish: ES Mountain Views News June 17, 24, July 1, 8, 2017

FICTITIOUS BUSINESS NAME STATEMENT FILE NO. 2017153137

The following person(s) is (are) doing business as: STUDIO 110 4741 LAUREL CANYON BLVD. STE. 110, VALLEY VILLAGE, CA 91607. Full name of registrant(s) is (are) VLADIMIR KOZLAV 4741 LAUREL CANYON BLVD. STE. 110, VALLEY VILLAGE, CA 91607. This Business is conducted by: AN INDIVIDUAL. Signed: VLADIMIR KOZLAV, OWNER. This statement was filed with the County Clerk of Los Angeles County on June 15, 2017.

Publish: ES Mountain Views News June 17, 24, July 1, 8, 2017

FICTITIOUS BUSINESS NAME STATEMENT FILE NO. 2017153129

The following person(s) is (are) doing business as: TO Z ELECTRICAL AND CONSTRUCTION CO. 6717 WHITSETT AVE., NORTH HOLLYWOOD, CA 91606. Full name of registrant(s) is (are) VELAVI LEVY 909 HEVERT BLVD, UNIT 85 LOS ANGELES, CA 90049. This Business is conducted by: AN INDIVIDUAL. Signed: SILOMO LEVY, OWNER. This statement was filed with the County Clerk of Los Angeles County on June 15, 2017.

Publish: ES Mountain Views News June 17, 24, July 1, 8, 2017

FICTITIOUS BUSINESS NAME STATEMENT FILE NO. 2017153216

The following person(s) is (are) doing business as: VIRAL VENDERS 1728 SURFWOOD RD, MALIBU, CA 90265. Full name of registrant(s) is (are) MARIS SHANE 1728 SURFWOOD RD., MALIBU, CA 90265. This Business is conducted by: AN INDIVIDUAL. Signed: MARIS SHANE, OWNER. This statement was filed with the County Clerk of Los Angeles County on June 15, 2017.

Publish: ES Mountain Views News June 17, 24, July 1, 8, 2017

FICTITIOUS BUSINESS NAME STATEMENT FILE NO. 2017151085

The following person(s) is (are) doing business as: JOFAH 1601 VALLEY VIEW RD. APT 129, GLENDALE, CA 91202. Full name of registrant(s) is (are) JOSEPH PAPAZIAN 1601 VALLEY VIEW RD. APT 129 GLENDALE, CA 91202. This Business is conducted by: AN INDIVIDUAL. Signed: JOSEPH PAPAZIAN, OWNER. This statement was filed with the County Clerk of Los Angeles County on June 13, 2017.

Publish: ES Mountain Views News June 17, 24, July 1, 8, 2017

FICTITIOUS BUSINESS NAME STATEMENT FILE NO. 2017151137

The following person(s) is (are) doing business as: JEWELRY 101 N. HILL STREET #302, LOS ANGELES, CA 90014 and HARRY L JEWELRY 27620 APACHE CT., CASTAIC CA 91384. Full name of registrant(s) is (are) NERSES DAGHLIAN 27620 APACHE CT., CASTAIC, CA 91384. This Business is conducted by: AN INDIVIDUAL. Signed: NERSES DAGHLIAN, OWNER.

Publish: ES Mountain Views News June 17, 24, July 1, 8, 2017

FICTITIOUS BUSINESS NAME STATEMENT FILE NO. 2017153322

The following person(s) is (are) doing business as: ASSOCIATE MEDIA 301 N. GLENOAKS BLVD #290, BURBANK, CA 91502. Full name of registrant(s) is (are) TERRELL PRODUCTIONS, LLC 12546 TRAIL 6, VALENCIA, CA 91342. This Business is conducted by: A LIMITED LIABILITY COMPANY. Signed: A. JOHN VENTURE TERRELL, PRESIDENT/GENERAL PARTNER.

Publish: ES Mountain Views News June 17, 24, July 1, 8, 2017

FICTITIOUS BUSINESS NAME STATEMENT FILE NO. 2017153313

The following person(s) is (are) doing business as: GMB CLOTHING 3600 DE SOTO AVE. #10, CANOGA PARK, CA 91304. Full name of registrant(s) is (are) GREGORY RODMAN A. ALONTI 3600 DE SOTO AVE. #10, CANOGA PARK, CA 91304.

Mountain Views News	80 W Sierra Madre Blvd. No. 327 Sierra Madre, CA. 91024 Office: 626.355.2737 Fax: 626.609.3285 Email: editor@mtnviewsnews.com Website: www.mtnviewsnews.com
